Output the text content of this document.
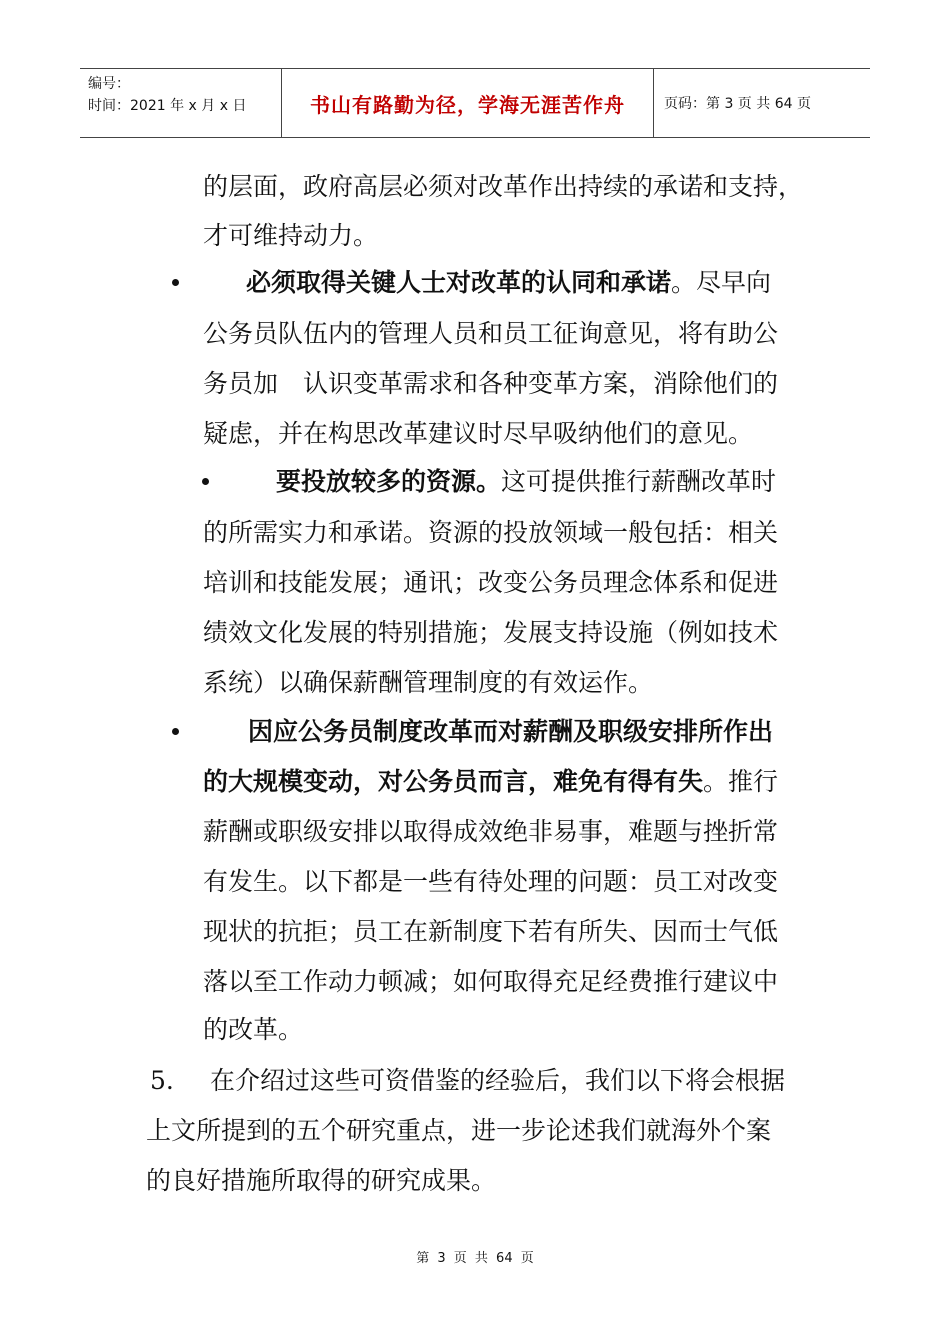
编号：
时间：2021 年 x 月 x 日	书山有路勤为径，学海无涯苦作舟	页码：第 3 页 共 64 页
的层面，政府高层必须对改革作出持续的承诺和支持，
才可维持动力。
必须取得关键人士对改革的认同和承诺。尽早向
公务员队伍内的管理人员和员工征询意见，将有助公
务员加　认识变革需求和各种变革方案，消除他们的
疑虑，并在构思改革建议时尽早吸纳他们的意见。
要投放较多的资源。这可提供推行薪酬改革时
的所需实力和承诺。资源的投放领域一般包括：相关
培训和技能发展；通讯；改变公务员理念体系和促进
绩效文化发展的特别措施；发展支持设施（例如技术
系统）以确保薪酬管理制度的有效运作。
因应公务员制度改革而对薪酬及职级安排所作出
的大规模变动，对公务员而言，难免有得有失。推行
薪酬或职级安排以取得成效绝非易事，难题与挫折常
有发生。以下都是一些有待处理的问题：员工对改变
现状的抗拒；员工在新制度下若有所失、因而士气低
落以至工作动力顿减；如何取得充足经费推行建议中
的改革。
5. 在介绍过这些可资借鉴的经验后，我们以下将会根据
上文所提到的五个研究重点，进一步论述我们就海外个案
的良好措施所取得的研究成果。
第 3 页 共 64 页
